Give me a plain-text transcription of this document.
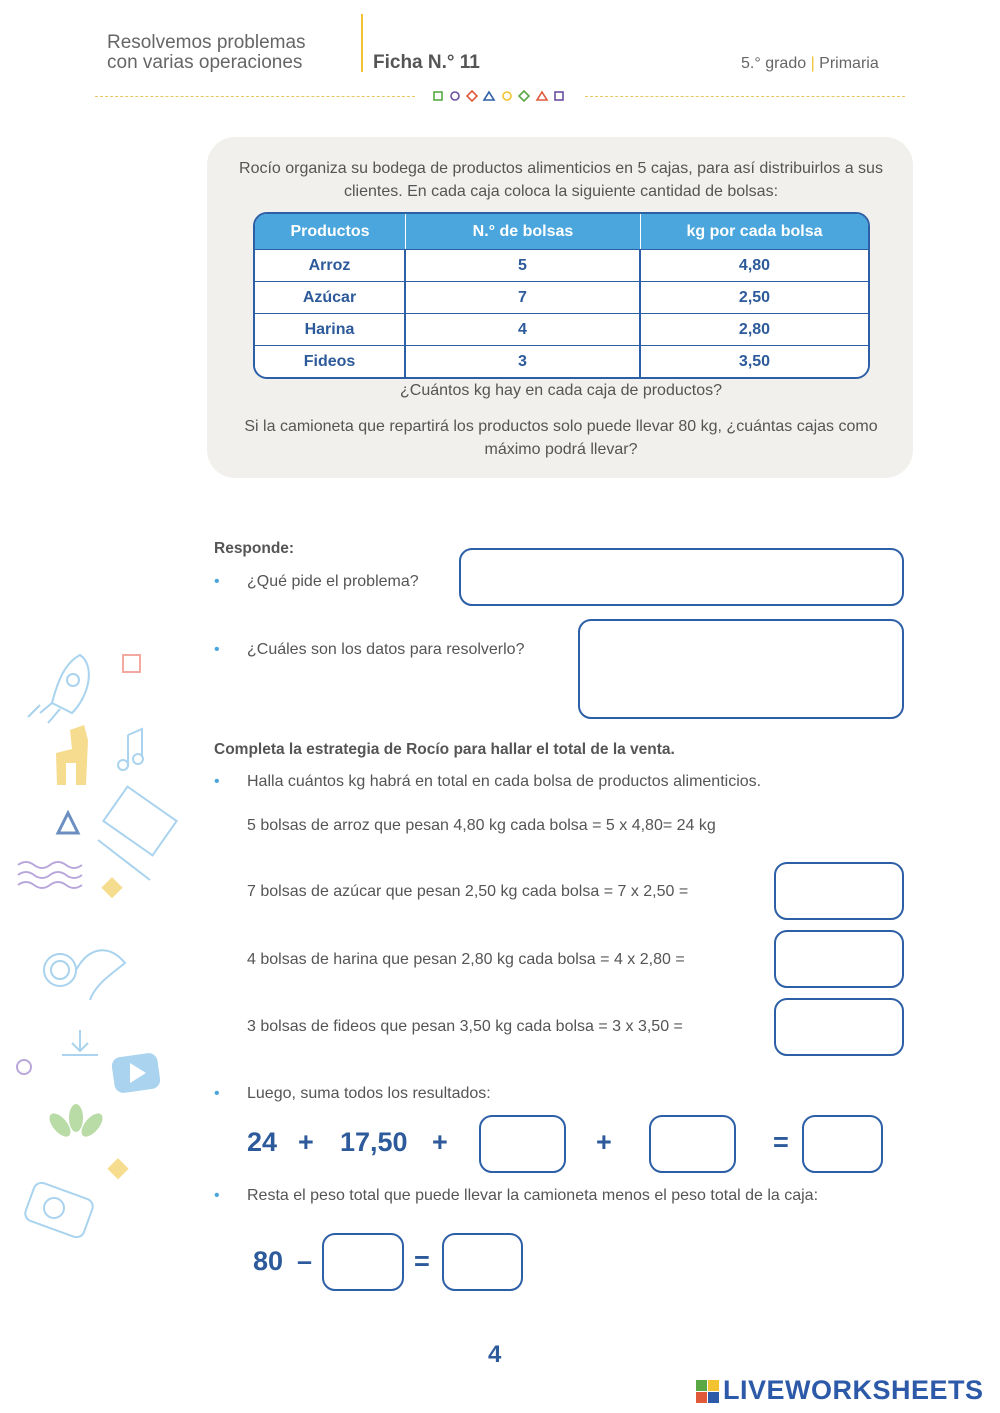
Resolvemos problemas
con varias operaciones	Ficha N.° 11	5.° grado | Primaria
Rocío organiza su bodega de productos alimenticios en 5 cajas, para así distribuirlos a sus clientes. En cada caja coloca la siguiente cantidad de bolsas:
Productos	N.° de bolsas	kg por cada bolsa
Arroz	5	4,80
Azúcar	7	2,50
Harina	4	2,80
Fideos	3	3,50
¿Cuántos kg hay en cada caja de productos?
Si la camioneta que repartirá los productos solo puede llevar 80 kg, ¿cuántas cajas como máximo podrá llevar?
Responde:
• ¿Qué pide el problema?
• ¿Cuáles son los datos para resolverlo?
Completa la estrategia de Rocío para hallar el total de la venta.
• Halla cuántos kg habrá en total en cada bolsa de productos alimenticios.
5 bolsas de arroz que pesan 4,80 kg cada bolsa = 5 x 4,80= 24 kg
7 bolsas de azúcar que pesan 2,50 kg cada bolsa = 7 x 2,50 =
4 bolsas de harina que pesan 2,80 kg cada bolsa = 4 x 2,80 =
3 bolsas de fideos que pesan 3,50 kg cada bolsa = 3 x 3,50 =
• Luego, suma todos los resultados:
24 + 17,50 +	+	=
• Resta el peso total que puede llevar la camioneta menos el peso total de la caja:
80 –	=
4
LIVEWORKSHEETS
